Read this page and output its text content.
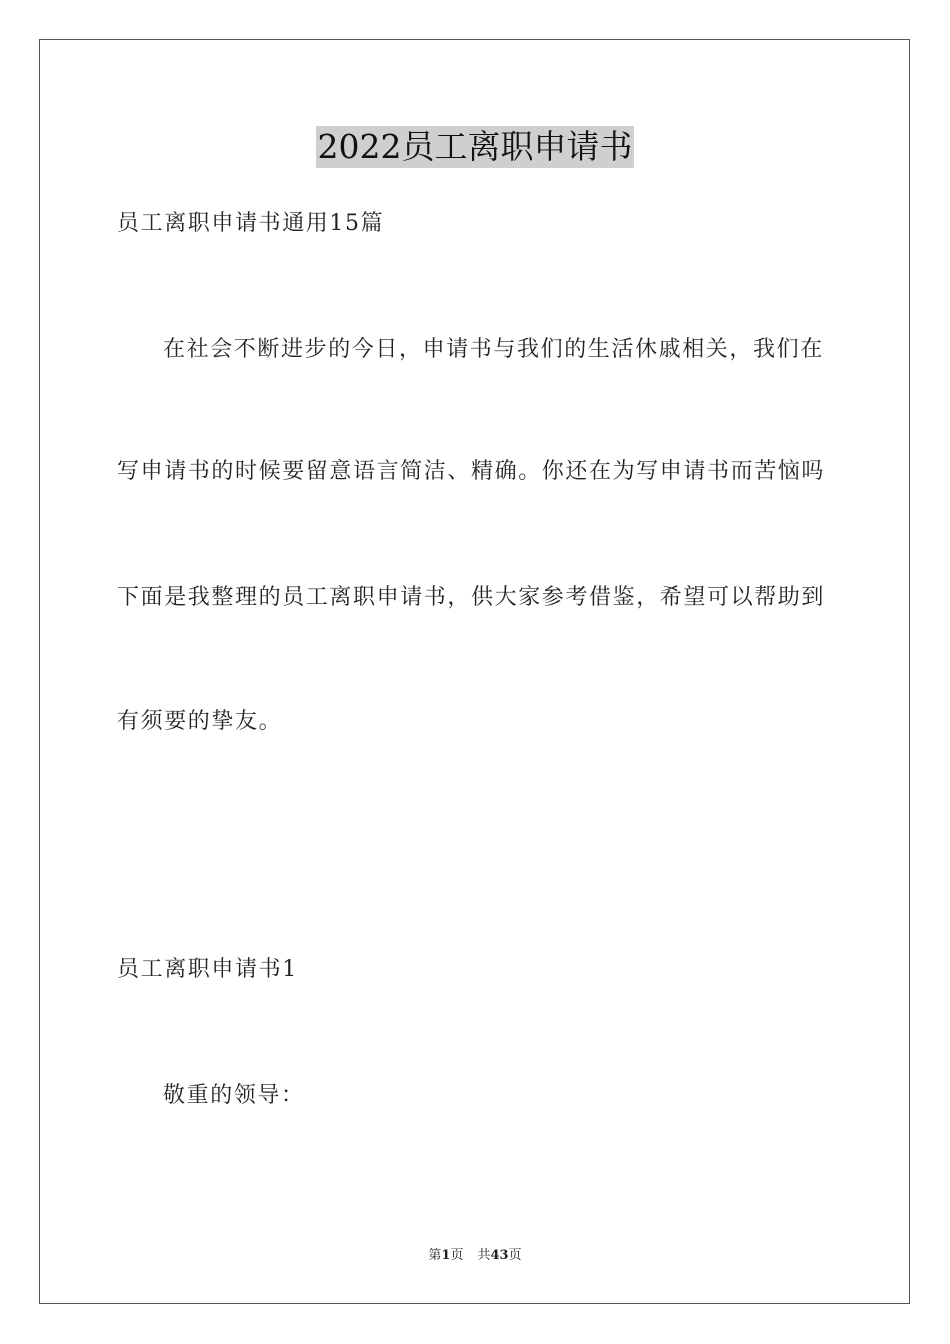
2022员工离职申请书
员工离职申请书通用15篇
在社会不断进步的今日，申请书与我们的生活休戚相关，我们在
写申请书的时候要留意语言简洁、精确。你还在为写申请书而苦恼吗
下面是我整理的员工离职申请书，供大家参考借鉴，希望可以帮助到
有须要的挚友。
员工离职申请书1
敬重的领导：
第1页 共43页
